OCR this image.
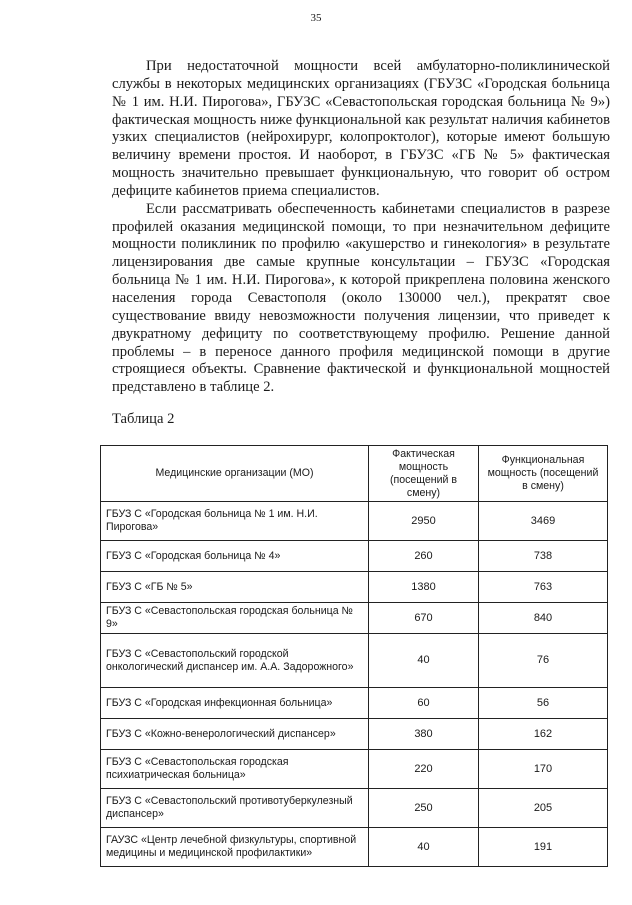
35

При недостаточной мощности всей амбулаторно-поликлинической службы в некоторых медицинских организациях (ГБУЗС «Городская больница № 1 им. Н.И. Пирогова», ГБУЗС «Севастопольская городская больница № 9») фактическая мощность ниже функциональной как результат наличия кабинетов узких специалистов (нейрохирург, колопроктолог), которые имеют большую величину времени простоя. И наоборот, в ГБУЗС «ГБ № 5» фактическая мощность значительно превышает функциональную, что говорит об остром дефиците кабинетов приема специалистов.

Если рассматривать обеспеченность кабинетами специалистов в разрезе профилей оказания медицинской помощи, то при незначительном дефиците мощности поликлиник по профилю «акушерство и гинекология» в результате лицензирования две самые крупные консультации – ГБУЗС «Городская больница № 1 им. Н.И. Пирогова», к которой прикреплена половина женского населения города Севастополя (около 130000 чел.), прекратят свое существование ввиду невозможности получения лицензии, что приведет к двукратному дефициту по соответствующему профилю. Решение данной проблемы – в переносе данного профиля медицинской помощи в другие строящиеся объекты. Сравнение фактической и функциональной мощностей представлено в таблице 2.

Таблица 2
Медицинские организации (МО)	Фактическая мощность (посещений в смену)	Функциональная мощность (посещений в смену)
ГБУЗ С «Городская больница № 1 им. Н.И. Пирогова»	2950	3469
ГБУЗ С «Городская больница № 4»	260	738
ГБУЗ С «ГБ № 5»	1380	763
ГБУЗ С «Севастопольская городская больница № 9»	670	840
ГБУЗ С «Севастопольский городской онкологический диспансер им. А.А. Задорожного»	40	76
ГБУЗ С «Городская инфекционная больница»	60	56
ГБУЗ С «Кожно-венерологический диспансер»	380	162
ГБУЗ С «Севастопольская городская психиатрическая больница»	220	170
ГБУЗ С «Севастопольский противотуберкулезный диспансер»	250	205
ГАУЗС «Центр лечебной физкультуры, спортивной медицины и медицинской профилактики»	40	191
